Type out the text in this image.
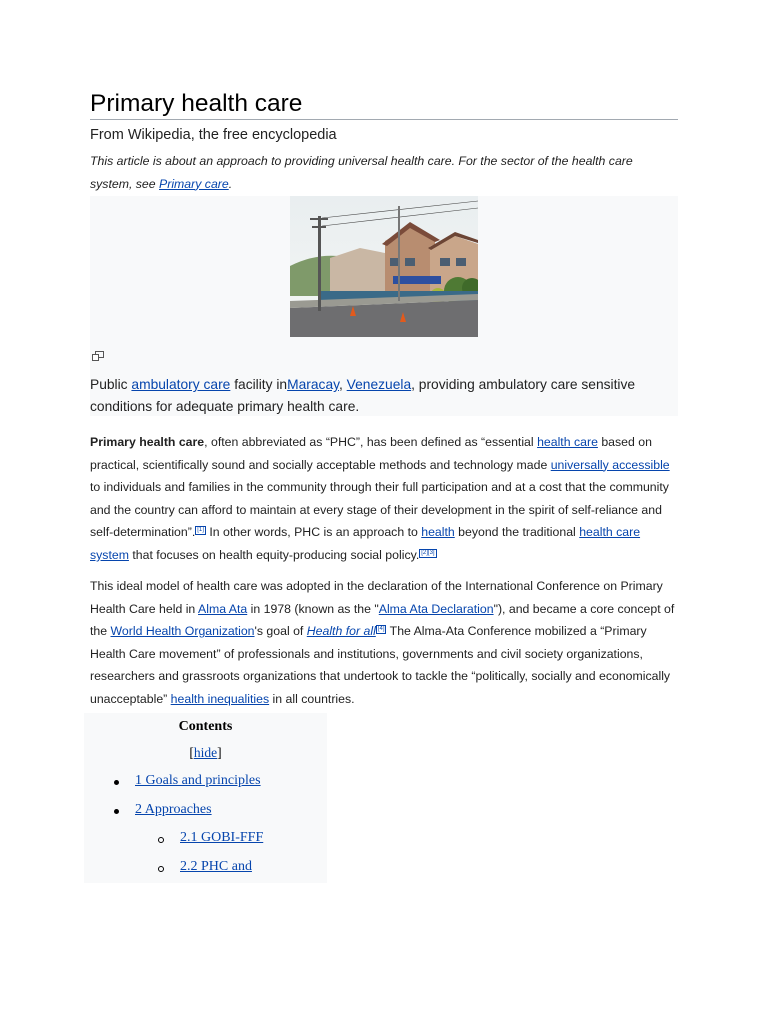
Primary health care
From Wikipedia, the free encyclopedia
This article is about an approach to providing universal health care. For the sector of the health care system, see Primary care.
Public ambulatory care facility inMaracay, Venezuela, providing ambulatory care sensitive conditions for adequate primary health care.
Primary health care, often abbreviated as “PHC”, has been defined as “essential health care based on practical, scientifically sound and socially acceptable methods and technology made universally accessible to individuals and families in the community through their full participation and at a cost that the community and the country can afford to maintain at every stage of their development in the spirit of self-reliance and self-determination”. [1] In other words, PHC is an approach to health beyond the traditional health care system that focuses on health equity-producing social policy. [2][3]
This ideal model of health care was adopted in the declaration of the International Conference on Primary Health Care held in Alma Ata in 1978 (known as the "Alma Ata Declaration"), and became a core concept of the World Health Organization's goal of Health for all [4] The Alma-Ata Conference mobilized a “Primary Health Care movement” of professionals and institutions, governments and civil society organizations, researchers and grassroots organizations that undertook to tackle the “politically, socially and economically unacceptable” health inequalities in all countries.
Contents
[hide]
1 Goals and principles
2 Approaches
2.1 GOBI-FFF
2.2 PHC and
